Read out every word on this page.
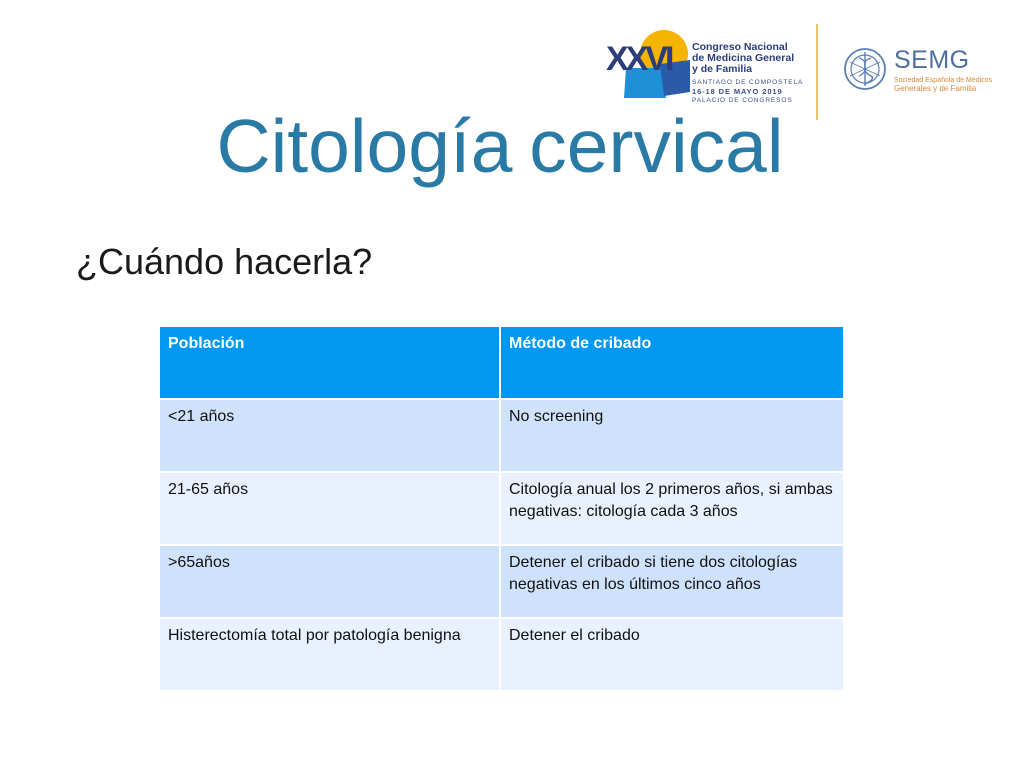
XXVI Congreso Nacional
de Medicina General
y de Familia
SANTIAGO DE COMPOSTELA
16-18 DE MAYO 2019
PALACIO DE CONGRESOS
SEMG
Sociedad Española de Médicos
Generales y de Familia
Citología cervical
¿Cuándo hacerla?
Población	Método de cribado
<21 años	No screening
21-65 años	Citología anual los 2 primeros años, si ambas negativas: citología cada 3 años
>65años	Detener el cribado si tiene dos citologías negativas en los últimos cinco años
Histerectomía total por patología benigna	Detener el cribado
